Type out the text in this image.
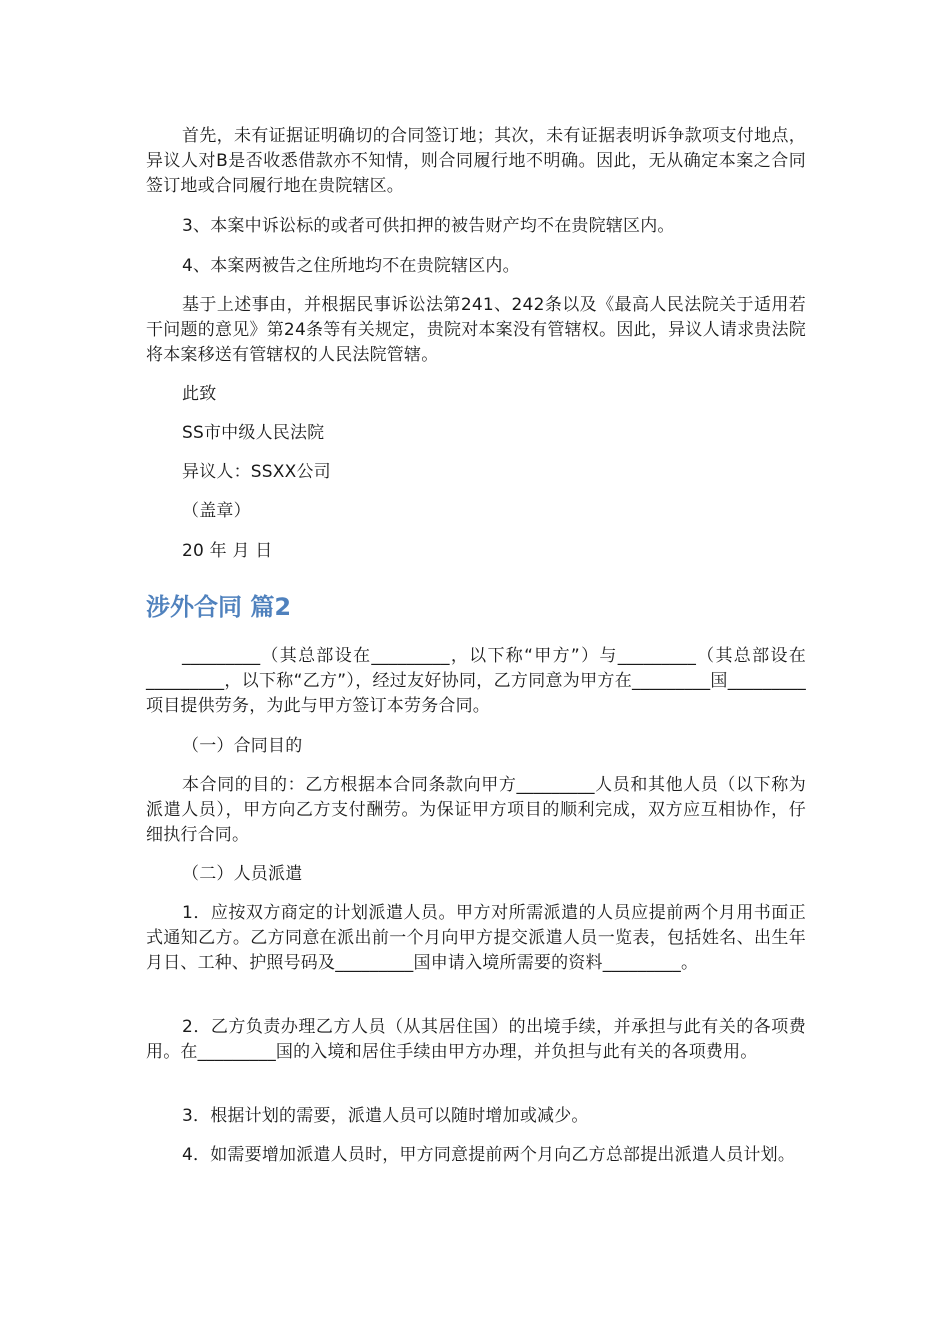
首先，未有证据证明确切的合同签订地；其次，未有证据表明诉争款项支付地点，异议人对B是否收悉借款亦不知情，则合同履行地不明确。因此，无从确定本案之合同签订地或合同履行地在贵院辖区。

3、本案中诉讼标的或者可供扣押的被告财产均不在贵院辖区内。

4、本案两被告之住所地均不在贵院辖区内。

基于上述事由，并根据民事诉讼法第241、242条以及《最高人民法院关于适用若干问题的意见》第24条等有关规定，贵院对本案没有管辖权。因此，异议人请求贵法院将本案移送有管辖权的人民法院管辖。

此致

SS市中级人民法院

异议人：SSXX公司

（盖章）

20 年 月 日

涉外合同 篇2

_________（其总部设在_________，以下称“甲方”）与_________（其总部设在_________，以下称“乙方”），经过友好协同，乙方同意为甲方在_________国_________项目提供劳务，为此与甲方签订本劳务合同。

（一）合同目的

本合同的目的：乙方根据本合同条款向甲方_________人员和其他人员（以下称为派遣人员），甲方向乙方支付酬劳。为保证甲方项目的顺利完成，双方应互相协作，仔细执行合同。

（二）人员派遣

1．应按双方商定的计划派遣人员。甲方对所需派遣的人员应提前两个月用书面正式通知乙方。乙方同意在派出前一个月向甲方提交派遣人员一览表，包括姓名、出生年月日、工种、护照号码及_________国申请入境所需要的资料_________。

2．乙方负责办理乙方人员（从其居住国）的出境手续，并承担与此有关的各项费用。在_________国的入境和居住手续由甲方办理，并负担与此有关的各项费用。

3．根据计划的需要，派遣人员可以随时增加或减少。

4．如需要增加派遣人员时，甲方同意提前两个月向乙方总部提出派遣人员计划。
